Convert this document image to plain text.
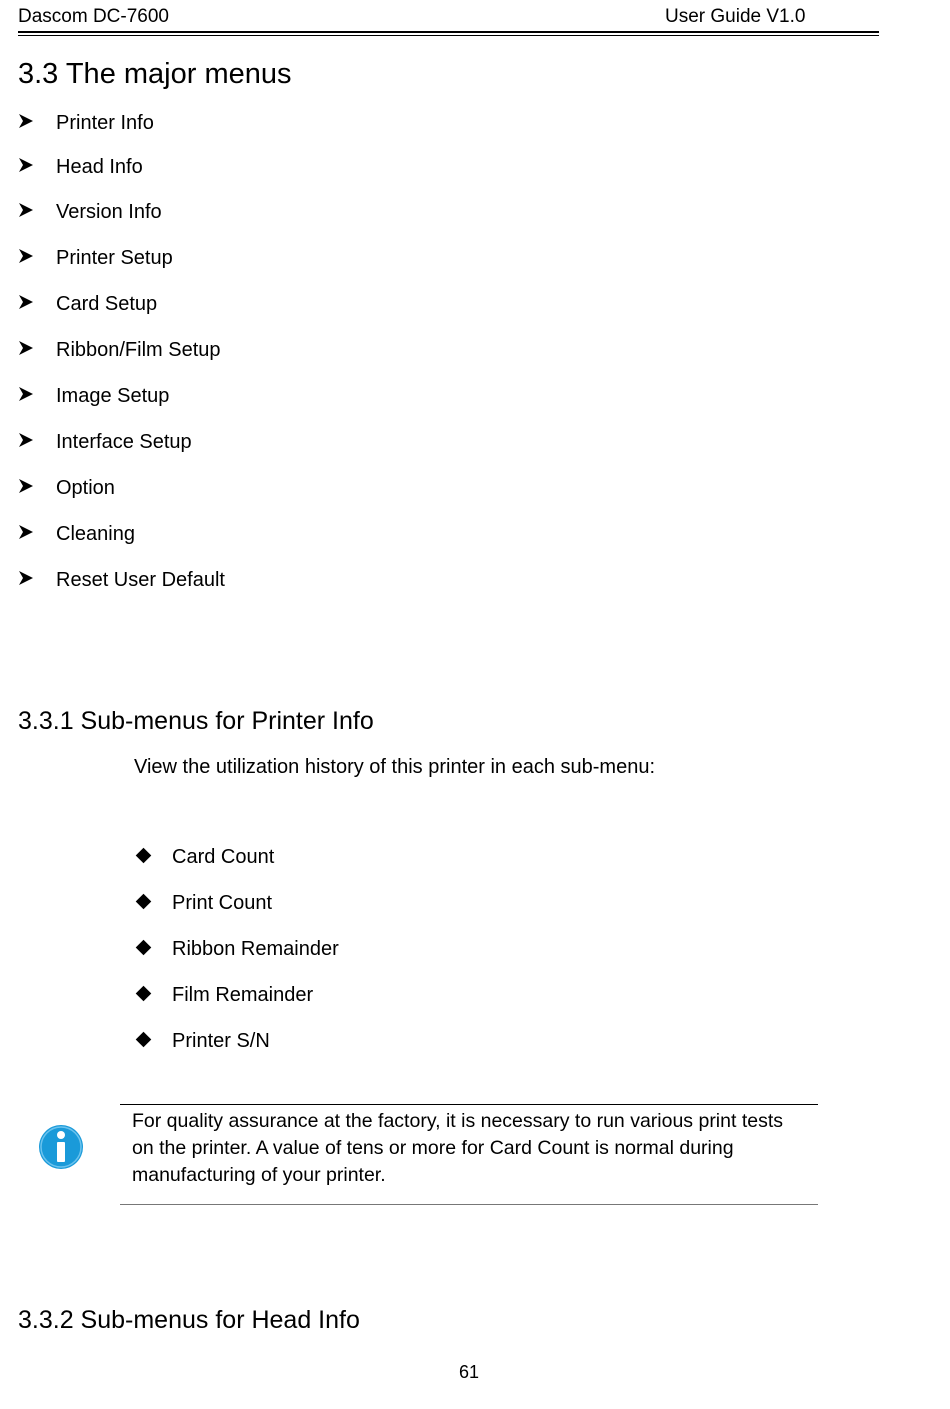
Dascom DC-7600	User Guide V1.0
3.3 The major menus
Printer Info
Head Info
Version Info
Printer Setup
Card Setup
Ribbon/Film Setup
Image Setup
Interface Setup
Option
Cleaning
Reset User Default
3.3.1 Sub-menus for Printer Info
View the utilization history of this printer in each sub-menu:
Card Count
Print Count
Ribbon Remainder
Film Remainder
Printer S/N
For quality assurance at the factory, it is necessary to run various print tests
on the printer. A value of tens or more for Card Count is normal during
manufacturing of your printer.
3.3.2 Sub-menus for Head Info
61
